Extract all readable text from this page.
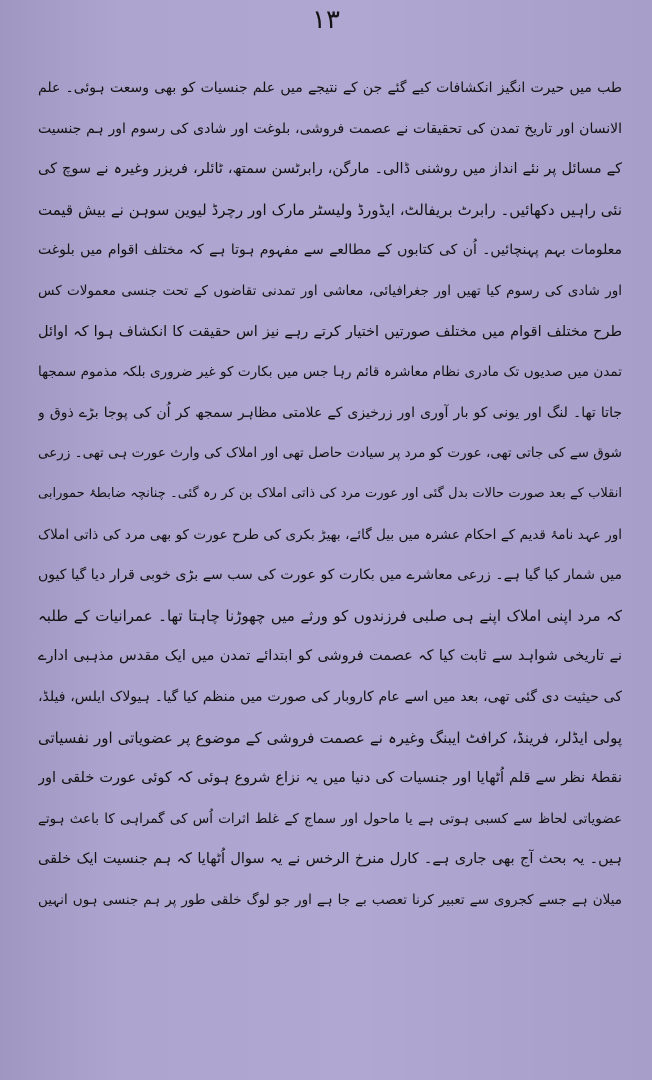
۱۳
طب میں حیرت انگیز انکشافات کیے گئے جن کے نتیجے میں علم جنسیات کو بھی وسعت ہوئی۔ علم
الانسان اور تاریخ تمدن کی تحقیقات نے عصمت فروشی، بلوغت اور شادی کی رسوم اور ہم جنسیت
کے مسائل پر نئے انداز میں روشنی ڈالی۔ مارگن، رابرٹسن سمتھ، ٹائلر، فریزر وغیرہ نے سوچ کی
نئی راہیں دکھائیں۔ رابرٹ بریفالٹ، ایڈورڈ ولیسٹر مارک اور رچرڈ لیوین سوہن نے بیش قیمت
معلومات بہم پہنچائیں۔ اُن کی کتابوں کے مطالعے سے مفہوم ہوتا ہے کہ مختلف اقوام میں بلوغت
اور شادی کی رسوم کیا تھیں اور جغرافیائی، معاشی اور تمدنی تقاضوں کے تحت جنسی معمولات کس
طرح مختلف اقوام میں مختلف صورتیں اختیار کرتے رہے نیز اس حقیقت کا انکشاف ہوا کہ اوائل
تمدن میں صدیوں تک مادری نظام معاشرہ قائم رہا جس میں بکارت کو غیر ضروری بلکہ مذموم سمجھا
جاتا تھا۔ لنگ اور یونی کو بار آوری اور زرخیزی کے علامتی مظاہر سمجھ کر اُن کی پوجا بڑے ذوق و
شوق سے کی جاتی تھی، عورت کو مرد پر سیادت حاصل تھی اور املاک کی وارث عورت ہی تھی۔ زرعی
انقلاب کے بعد صورت حالات بدل گئی اور عورت مرد کی ذاتی املاک بن کر رہ گئی۔ چنانچہ ضابطۂ حمورابی
اور عہد نامۂ قدیم کے احکام عشرہ میں بیل گائے، بھیڑ بکری کی طرح عورت کو بھی مرد کی ذاتی املاک
میں شمار کیا گیا ہے۔ زرعی معاشرے میں بکارت کو عورت کی سب سے بڑی خوبی قرار دیا گیا کیوں
کہ مرد اپنی املاک اپنے ہی صلبی فرزندوں کو ورثے میں چھوڑنا چاہتا تھا۔ عمرانیات کے طلبہ
نے تاریخی شواہد سے ثابت کیا کہ عصمت فروشی کو ابتدائے تمدن میں ایک مقدس مذہبی ادارے
کی حیثیت دی گئی تھی، بعد میں اسے عام کاروبار کی صورت میں منظم کیا گیا۔ ہیولاک ایلس، فیلڈ،
پولی ایڈلر، فرینڈ، کرافٹ ایبنگ وغیرہ نے عصمت فروشی کے موضوع پر عضویاتی اور نفسیاتی
نقطۂ نظر سے قلم اُٹھایا اور جنسیات کی دنیا میں یہ نزاع شروع ہوئی کہ کوئی عورت خلقی اور
عضویاتی لحاظ سے کسبی ہوتی ہے یا ماحول اور سماج کے غلط اثرات اُس کی گمراہی کا باعث ہوتے
ہیں۔ یہ بحث آج بھی جاری ہے۔ کارل منرخ الرخس نے یہ سوال اُٹھایا کہ ہم جنسیت ایک خلقی
میلان ہے جسے کجروی سے تعبیر کرنا تعصب بے جا ہے اور جو لوگ خلقی طور پر ہم جنسی ہوں انہیں
